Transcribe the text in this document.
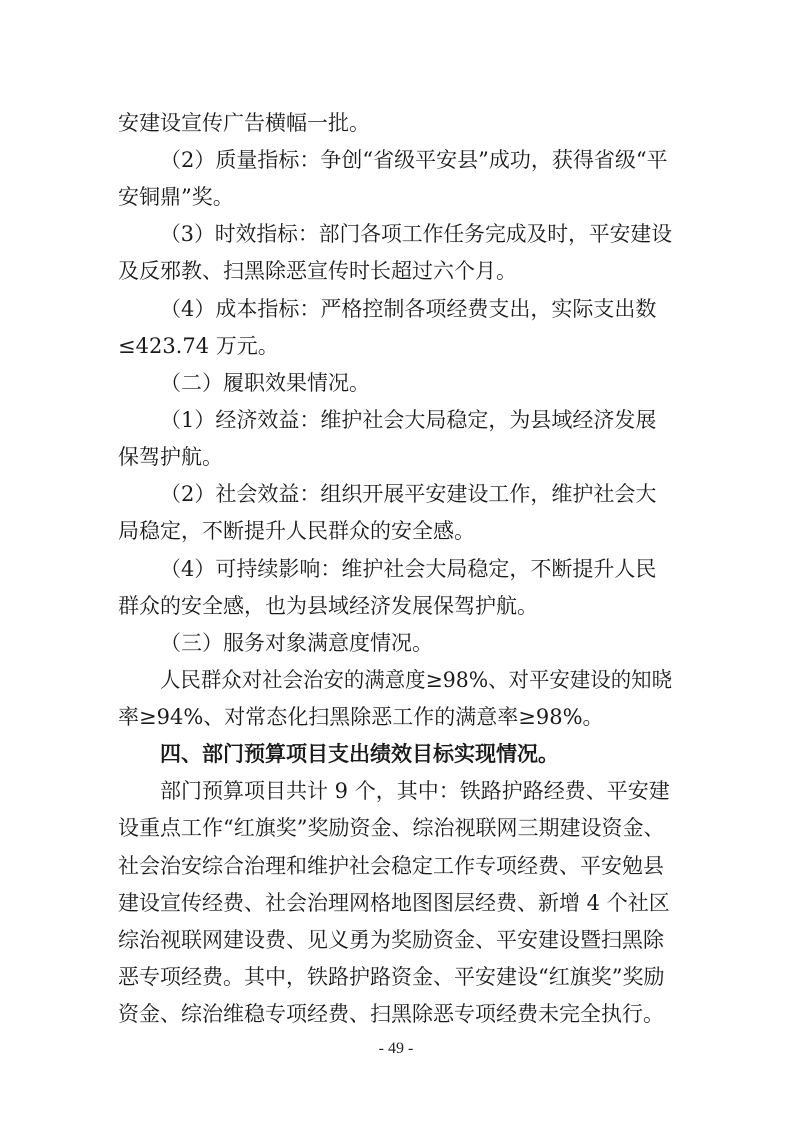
安建设宣传广告横幅一批。
（2）质量指标：争创“省级平安县”成功，获得省级“平
安铜鼎”奖。
（3）时效指标：部门各项工作任务完成及时，平安建设
及反邪教、扫黑除恶宣传时长超过六个月。
（4）成本指标：严格控制各项经费支出，实际支出数
≤423.74 万元。
（二）履职效果情况。
（1）经济效益：维护社会大局稳定，为县域经济发展
保驾护航。
（2）社会效益：组织开展平安建设工作，维护社会大
局稳定，不断提升人民群众的安全感。
（4）可持续影响：维护社会大局稳定，不断提升人民
群众的安全感，也为县域经济发展保驾护航。
（三）服务对象满意度情况。
人民群众对社会治安的满意度≥98%、对平安建设的知晓
率≥94%、对常态化扫黑除恶工作的满意率≥98%。
四、部门预算项目支出绩效目标实现情况。
部门预算项目共计 9 个，其中：铁路护路经费、平安建
设重点工作“红旗奖”奖励资金、综治视联网三期建设资金、
社会治安综合治理和维护社会稳定工作专项经费、平安勉县
建设宣传经费、社会治理网格地图图层经费、新增 4 个社区
综治视联网建设费、见义勇为奖励资金、平安建设暨扫黑除
恶专项经费。其中，铁路护路资金、平安建设“红旗奖”奖励
资金、综治维稳专项经费、扫黑除恶专项经费未完全执行。
- 49 -
